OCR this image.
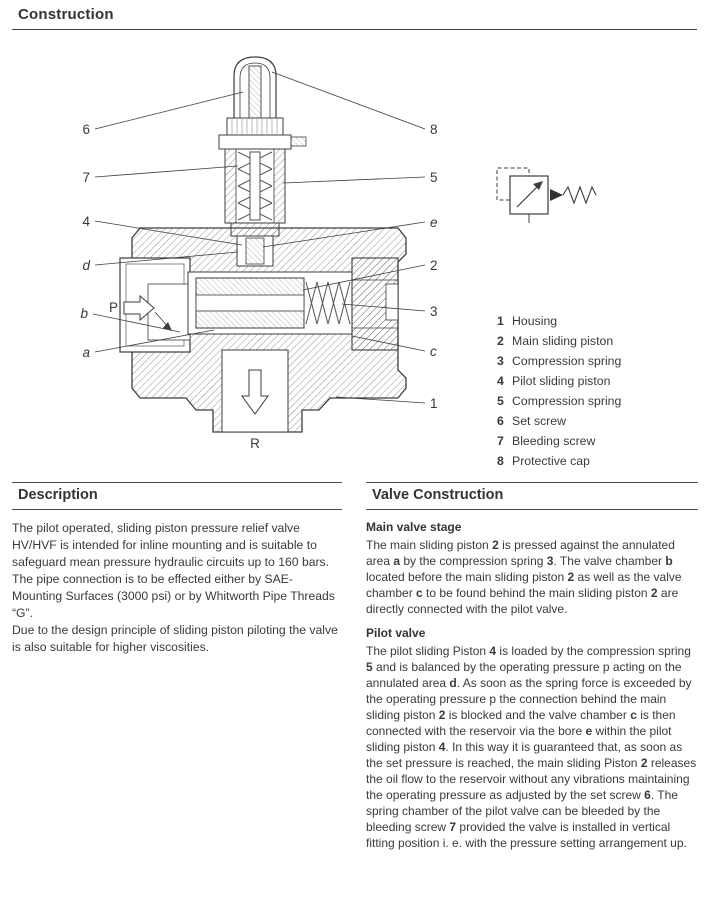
Construction
6
7
4
d
b
a
8
5
e
2
3
c
1
P
R
1 Housing
2 Main sliding piston
3 Compression spring
4 Pilot sliding piston
5 Compression spring
6 Set screw
7 Bleeding screw
8 Protective cap
Description

The pilot operated, sliding piston pressure relief valve HV/HVF is intended for inline mounting and is suitable to safeguard mean pressure hydraulic circuits up to 160 bars. The pipe connection is to be effected either by SAE-Mounting Surfaces (3000 psi) or by Whitworth Pipe Threads “G”.

Due to the design principle of sliding piston piloting the valve is also suitable for higher viscosities.

Valve Construction
Main valve stage

The main sliding piston 2 is pressed against the annulated area a by the compression spring 3. The valve chamber b located before the main sliding piston 2 as well as the valve chamber c to be found behind the main sliding piston 2 are directly connected with the pilot valve.

Pilot valve

The pilot sliding Piston 4 is loaded by the compression spring 5 and is balanced by the operating pressure p acting on the annulated area d. As soon as the spring force is exceeded by the operating pressure p the connection behind the main sliding piston 2 is blocked and the valve chamber c is then connected with the reservoir via the bore e within the pilot sliding piston 4. In this way it is guaranteed that, as soon as the set pressure is reached, the main sliding Piston 2 releases the oil flow to the reservoir without any vibrations maintaining the operating pressure as adjusted by the set screw 6. The spring chamber of the pilot valve can be bleeded by the bleeding screw 7 provided the valve is installed in vertical fitting position i. e. with the pressure setting arrangement up.
